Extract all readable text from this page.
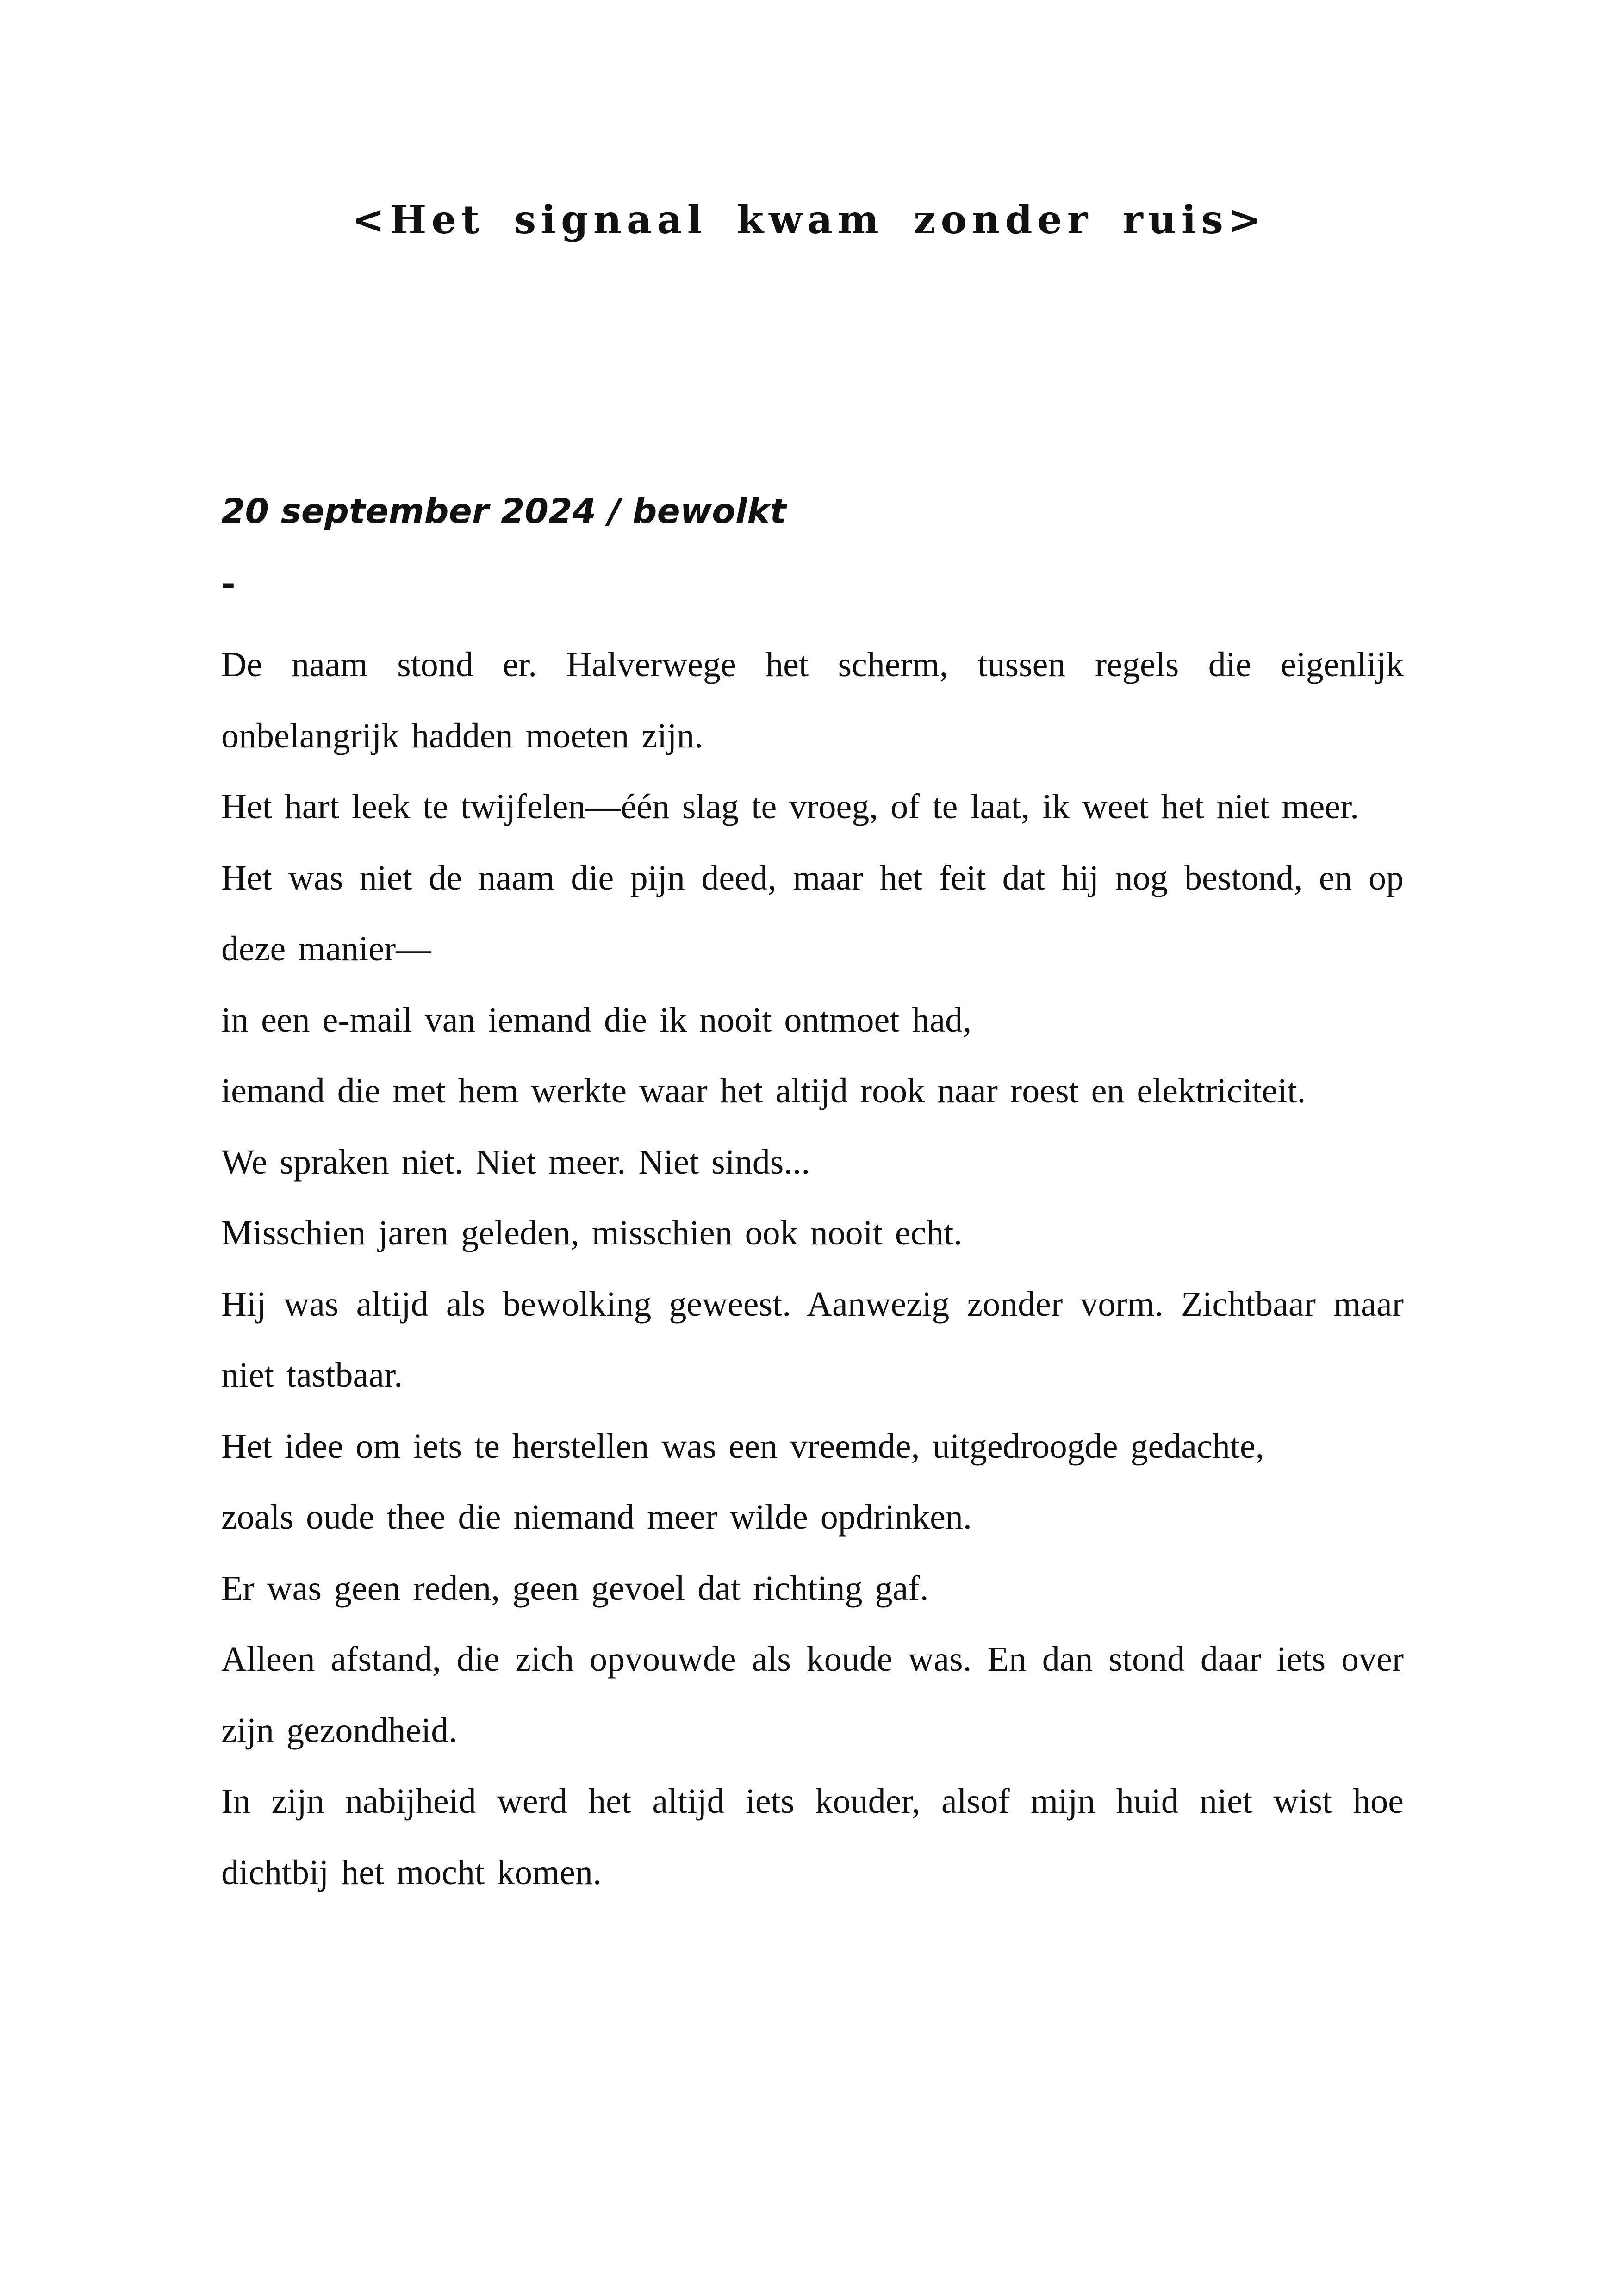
<Het signaal kwam zonder ruis>
20 september 2024 / bewolkt
-

De naam stond er. Halverwege het scherm, tussen regels die eigenlijk onbelangrijk hadden moeten zijn.

Het hart leek te twijfelen—één slag te vroeg, of te laat, ik weet het niet meer.

Het was niet de naam die pijn deed, maar het feit dat hij nog bestond, en op deze manier—

in een e-mail van iemand die ik nooit ontmoet had,

iemand die met hem werkte waar het altijd rook naar roest en elektriciteit.

We spraken niet. Niet meer. Niet sinds...

Misschien jaren geleden, misschien ook nooit echt.

Hij was altijd als bewolking geweest. Aanwezig zonder vorm. Zichtbaar maar niet tastbaar.

Het idee om iets te herstellen was een vreemde, uitgedroogde gedachte,

zoals oude thee die niemand meer wilde opdrinken.

Er was geen reden, geen gevoel dat richting gaf.

Alleen afstand, die zich opvouwde als koude was. En dan stond daar iets over zijn gezondheid.

In zijn nabijheid werd het altijd iets kouder, alsof mijn huid niet wist hoe dichtbij het mocht komen.
